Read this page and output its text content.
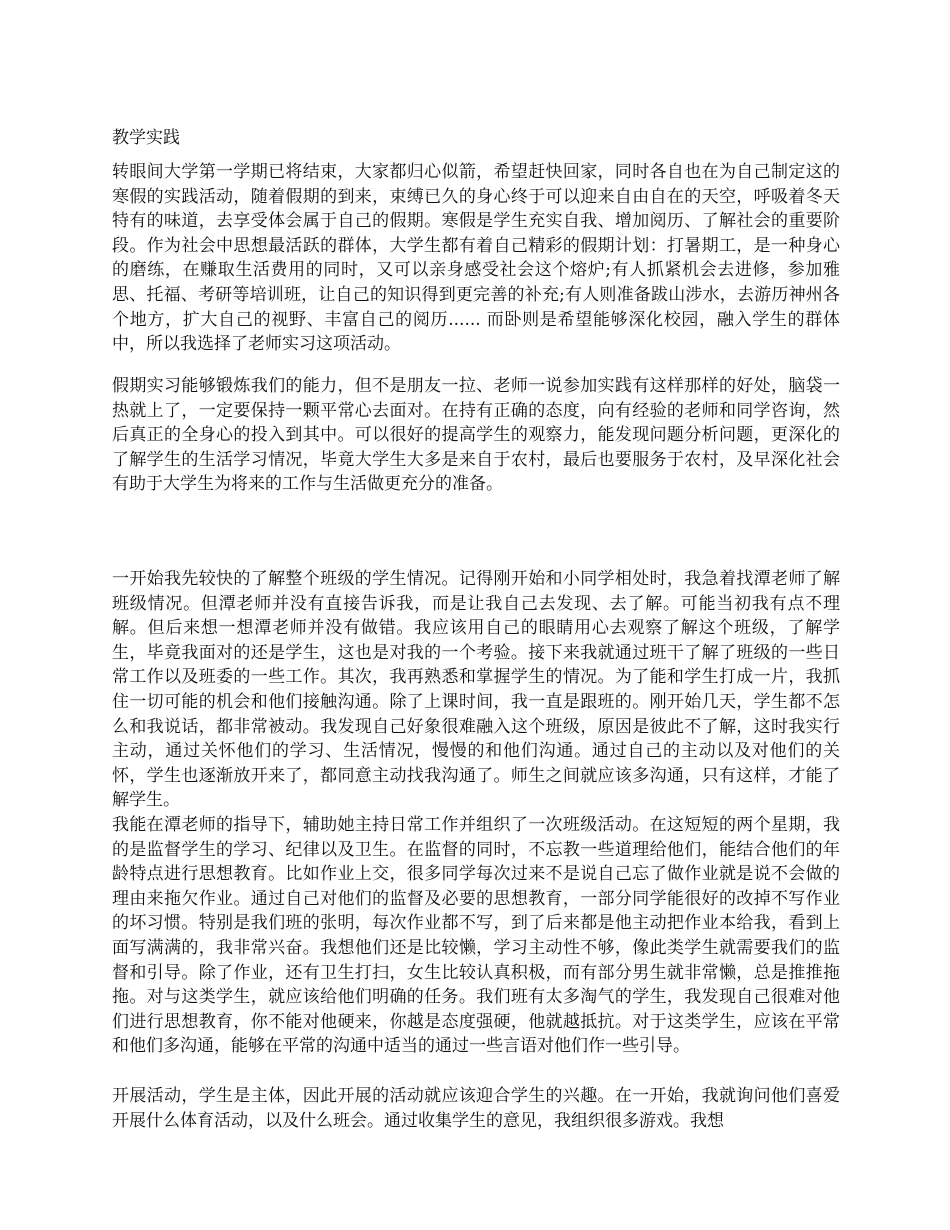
教学实践

转眼间大学第一学期已将结束，大家都归心似箭，希望赶快回家，同时各自也在为自己制定这的寒假的实践活动，随着假期的到来，束缚已久的身心终于可以迎来自由自在的天空，呼吸着冬天特有的味道，去享受体会属于自己的假期。寒假是学生充实自我、增加阅历、了解社会的重要阶段。作为社会中思想最活跃的群体，大学生都有着自己精彩的假期计划：打暑期工，是一种身心的磨练，在赚取生活费用的同时，又可以亲身感受社会这个熔炉;有人抓紧机会去进修，参加雅思、托福、考研等培训班，让自己的知识得到更完善的补充;有人则准备跋山涉水，去游历神州各个地方，扩大自己的视野、丰富自己的阅历...... 而卧则是希望能够深化校园，融入学生的群体中，所以我选择了老师实习这项活动。

假期实习能够锻炼我们的能力，但不是朋友一拉、老师一说参加实践有这样那样的好处，脑袋一热就上了，一定要保持一颗平常心去面对。在持有正确的态度，向有经验的老师和同学咨询，然后真正的全身心的投入到其中。可以很好的提高学生的观察力，能发现问题分析问题，更深化的了解学生的生活学习情况，毕竟大学生大多是来自于农村，最后也要服务于农村，及早深化社会有助于大学生为将来的工作与生活做更充分的准备。

一开始我先较快的了解整个班级的学生情况。记得刚开始和小同学相处时，我急着找潭老师了解班级情况。但潭老师并没有直接告诉我，而是让我自己去发现、去了解。可能当初我有点不理解。但后来想一想潭老师并没有做错。我应该用自己的眼睛用心去观察了解这个班级，了解学生，毕竟我面对的还是学生，这也是对我的一个考验。接下来我就通过班干了解了班级的一些日常工作以及班委的一些工作。其次，我再熟悉和掌握学生的情况。为了能和学生打成一片，我抓住一切可能的机会和他们接触沟通。除了上课时间，我一直是跟班的。刚开始几天，学生都不怎么和我说话，都非常被动。我发现自己好象很难融入这个班级，原因是彼此不了解，这时我实行主动，通过关怀他们的学习、生活情况，慢慢的和他们沟通。通过自己的主动以及对他们的关怀，学生也逐渐放开来了，都同意主动找我沟通了。师生之间就应该多沟通，只有这样，才能了解学生。

我能在潭老师的指导下，辅助她主持日常工作并组织了一次班级活动。在这短短的两个星期，我的是监督学生的学习、纪律以及卫生。在监督的同时，不忘教一些道理给他们，能结合他们的年龄特点进行思想教育。比如作业上交，很多同学每次过来不是说自己忘了做作业就是说不会做的理由来拖欠作业。通过自己对他们的监督及必要的思想教育，一部分同学能很好的改掉不写作业的坏习惯。特别是我们班的张明，每次作业都不写，到了后来都是他主动把作业本给我，看到上面写满满的，我非常兴奋。我想他们还是比较懒，学习主动性不够，像此类学生就需要我们的监督和引导。除了作业，还有卫生打扫，女生比较认真积极，而有部分男生就非常懒，总是推推拖拖。对与这类学生，就应该给他们明确的任务。我们班有太多淘气的学生，我发现自己很难对他们进行思想教育，你不能对他硬来，你越是态度强硬，他就越抵抗。对于这类学生，应该在平常和他们多沟通，能够在平常的沟通中适当的通过一些言语对他们作一些引导。

开展活动，学生是主体，因此开展的活动就应该迎合学生的兴趣。在一开始，我就询问他们喜爱开展什么体育活动，以及什么班会。通过收集学生的意见，我组织很多游戏。我想
